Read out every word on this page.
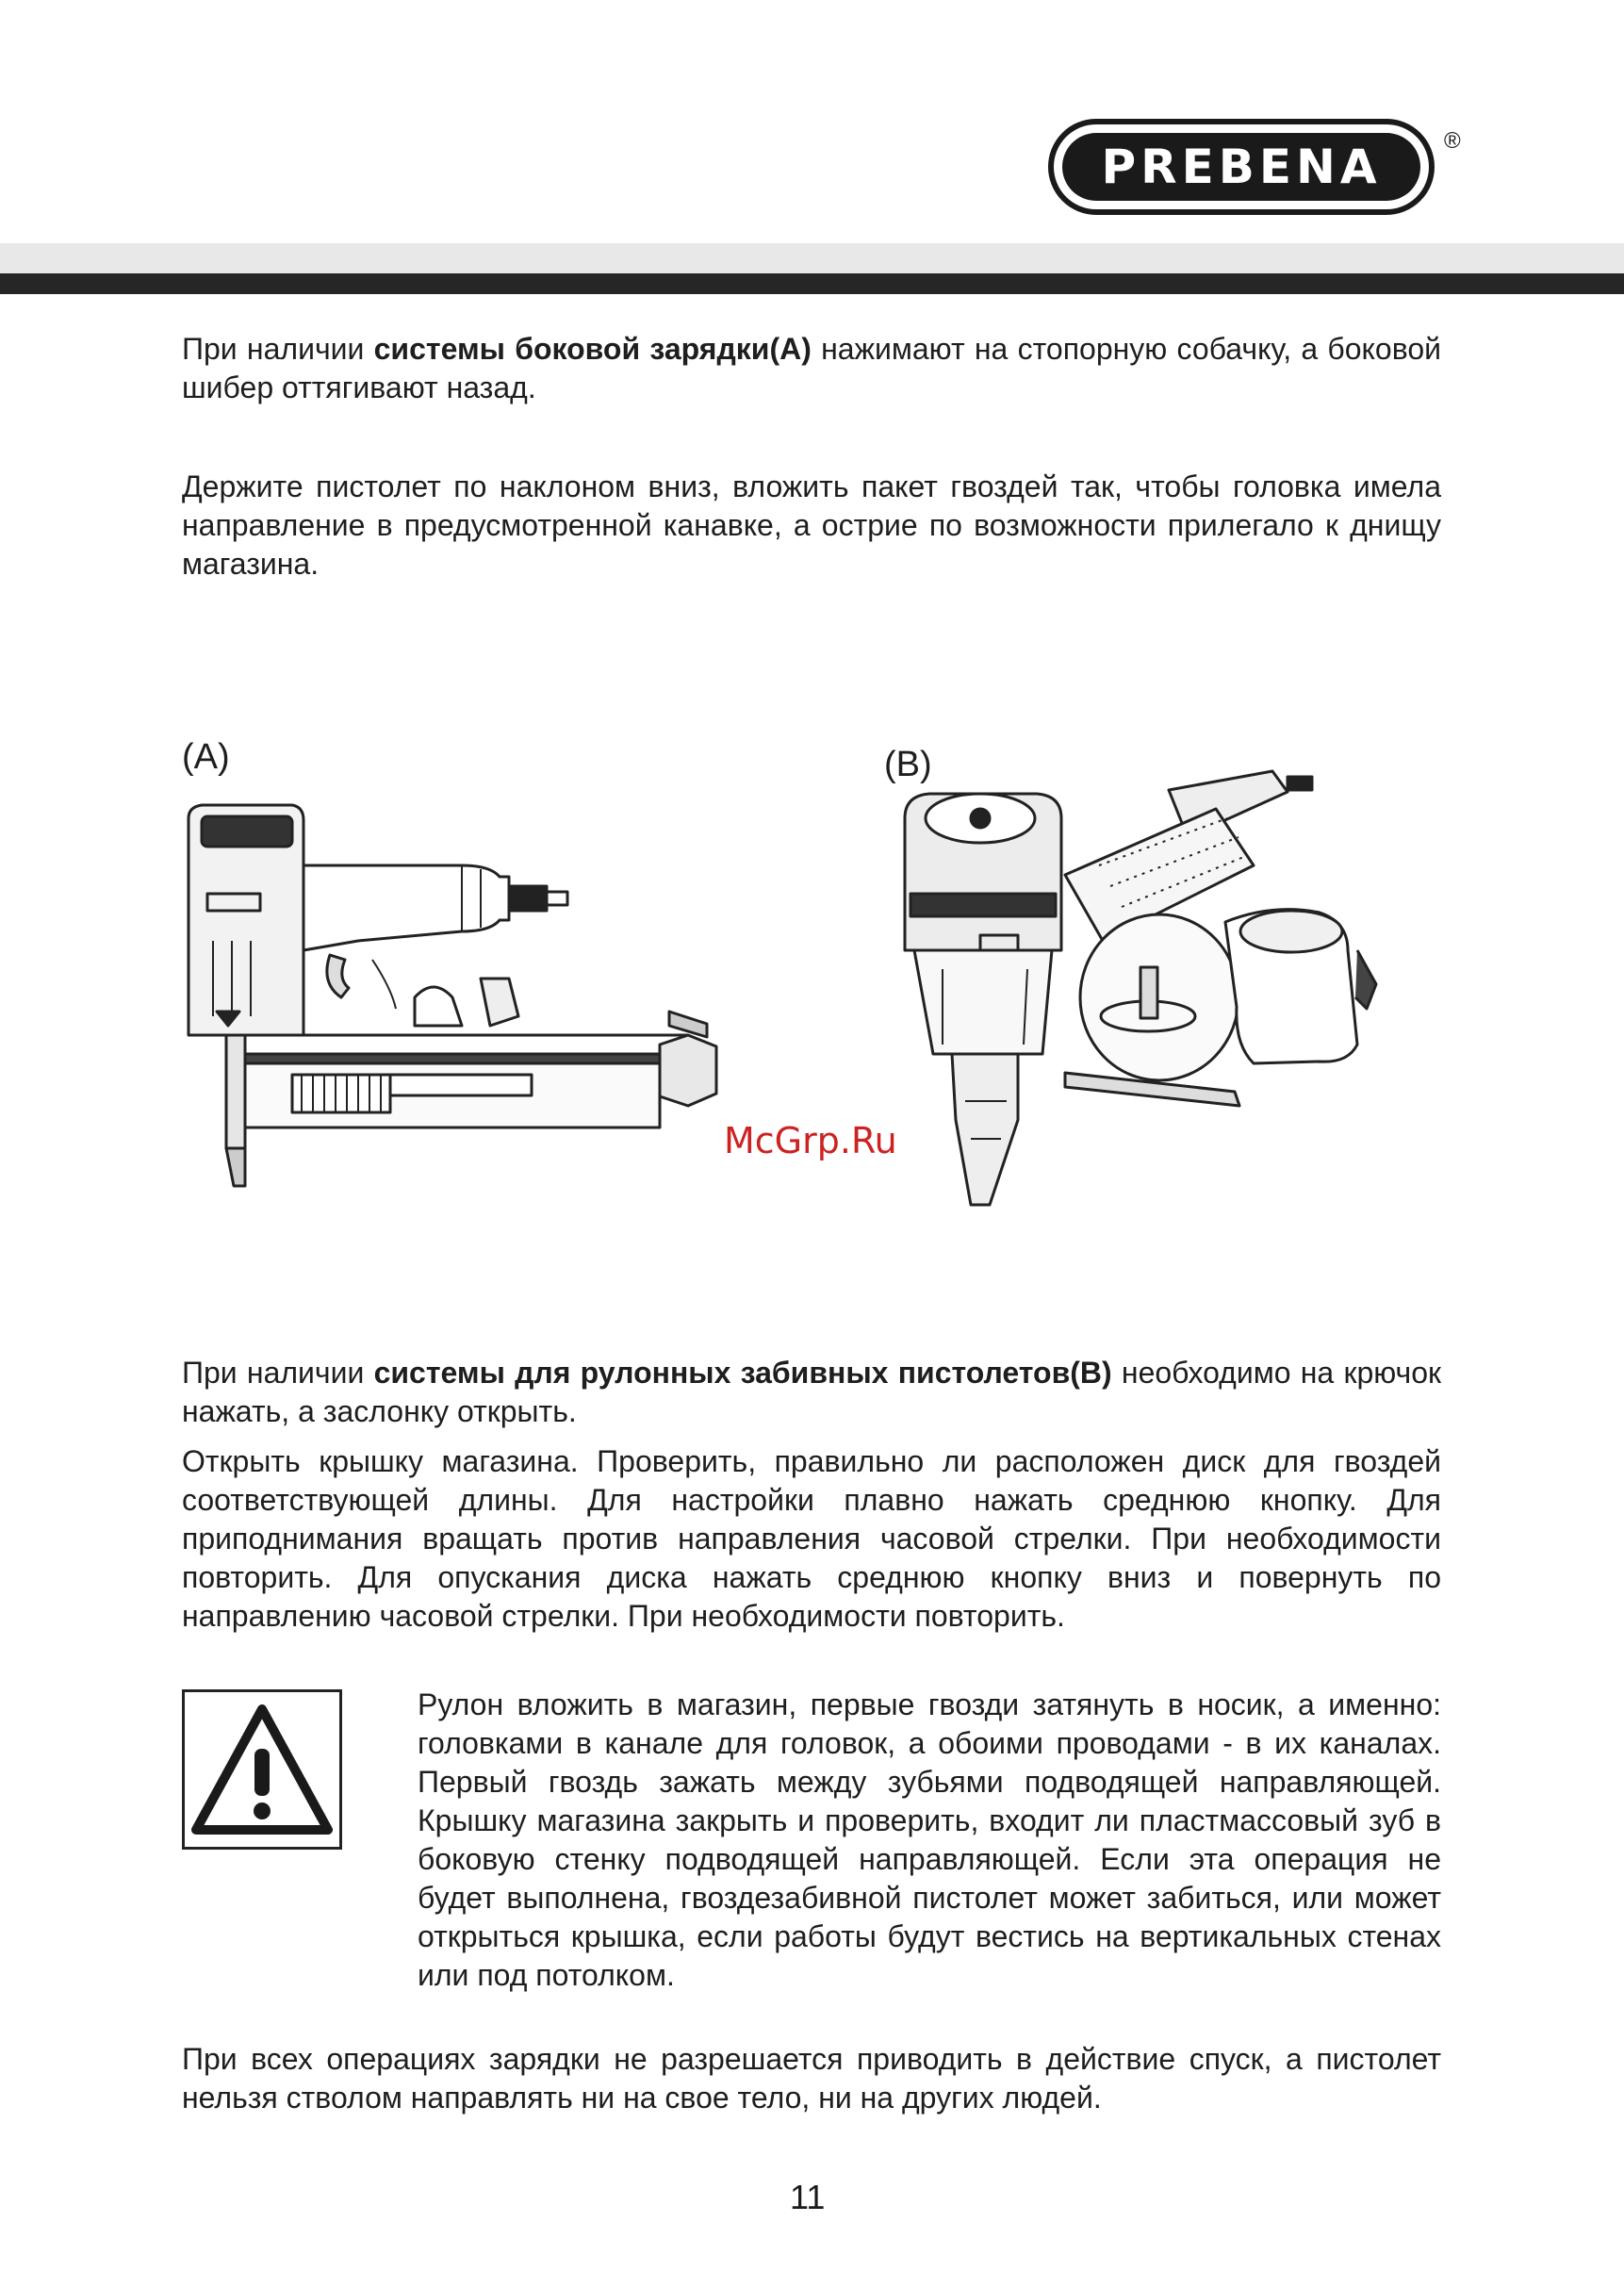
PREBENA	®

При наличии системы боковой зарядки(A) нажимают на стопорную собачку, а боковой шибер оттягивают назад.

Держите пистолет по наклоном вниз, вложить пакет гвоздей так, чтобы головка имела направление в предусмотренной канавке, а острие по возможности прилегало к днищу магазина.

(A)	(B)
McGrp.Ru

При наличии системы для рулонных забивных пистолетов(B) необходимо на крючок нажать, а заслонку открыть.

Открыть крышку магазина. Проверить, правильно ли расположен диск для гвоздей соответствующей длины. Для настройки плавно нажать среднюю кнопку. Для приподнимания вращать против направления часовой стрелки. При необходимости повторить. Для опускания диска нажать среднюю кнопку вниз и повернуть по направлению часовой стрелки. При необходимости повторить.

Рулон вложить в магазин, первые гвозди затянуть в носик, а именно: головками в канале для головок, а обоими проводами - в их каналах. Первый гвоздь зажать между зубьями подводящей направляющей. Крышку магазина закрыть и проверить, входит ли пластмассовый зуб в боковую стенку подводящей направляющей. Если эта операция не будет выполнена, гвоздезабивной пистолет может забиться, или может открыться крышка, если работы будут вестись на вертикальных стенах или под потолком.

При всех операциях зарядки не разрешается приводить в действие спуск, а пистолет нельзя стволом направлять ни на свое тело, ни на других людей.

11
